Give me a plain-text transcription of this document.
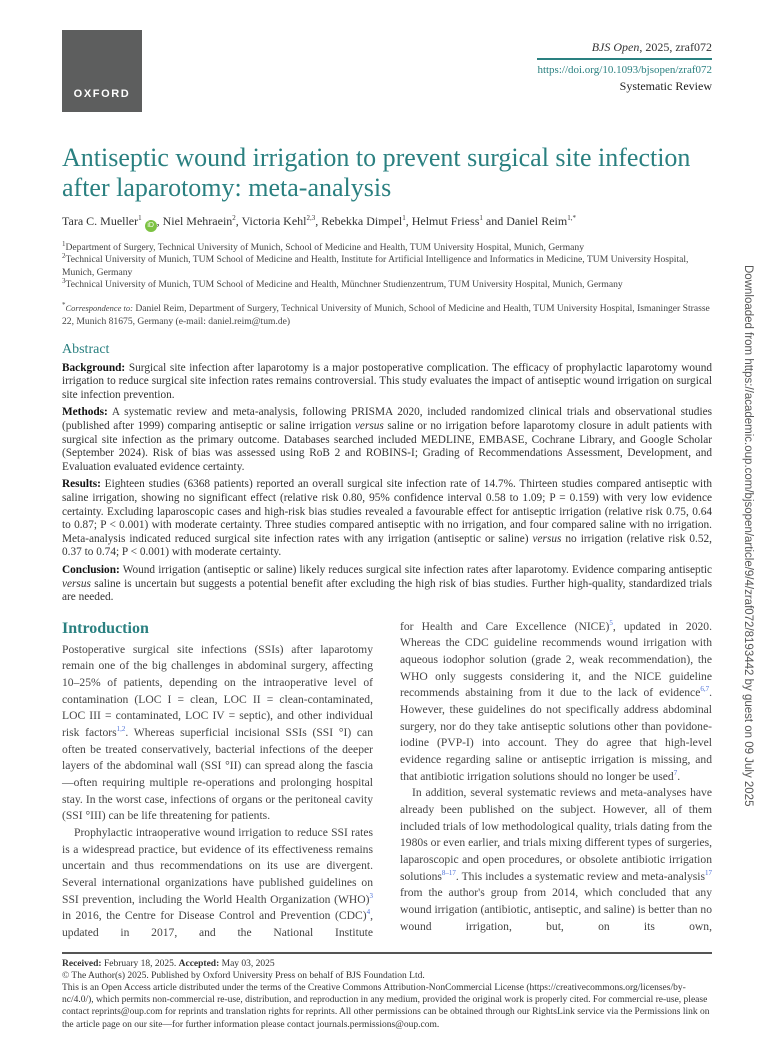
OXFORD
BJS Open, 2025, zraf072
https://doi.org/10.1093/bjsopen/zraf072
Systematic Review
Antiseptic wound irrigation to prevent surgical site infection after laparotomy: meta-analysis

Tara C. Mueller$^1$ iD , Niel Mehraein$^2$, Victoria Kehl$^{2,3}$, Rebekka Dimpel$^1$, Helmut Friess$^1$ and Daniel Reim$^{1,*}$

$^1$Department of Surgery, Technical University of Munich, School of Medicine and Health, TUM University Hospital, Munich, Germany

$^2$Technical University of Munich, TUM School of Medicine and Health, Institute for Artificial Intelligence and Informatics in Medicine, TUM University Hospital, Munich, Germany

$^3$Technical University of Munich, TUM School of Medicine and Health, Münchner Studienzentrum, TUM University Hospital, Munich, Germany

*Correspondence to: Daniel Reim, Department of Surgery, Technical University of Munich, School of Medicine and Health, TUM University Hospital, Ismaninger Strasse 22, Munich 81675, Germany (e-mail: daniel.reim@tum.de)

Abstract

Background: Surgical site infection after laparotomy is a major postoperative complication. The efficacy of prophylactic laparotomy wound irrigation to reduce surgical site infection rates remains controversial. This study evaluates the impact of antiseptic wound irrigation on surgical site infection prevention.

Methods: A systematic review and meta-analysis, following PRISMA 2020, included randomized clinical trials and observational studies (published after 1999) comparing antiseptic or saline irrigation versus saline or no irrigation before laparotomy closure in adult patients with surgical site infection as the primary outcome. Databases searched included MEDLINE, EMBASE, Cochrane Library, and Google Scholar (September 2024). Risk of bias was assessed using RoB 2 and ROBINS-I; Grading of Recommendations Assessment, Development, and Evaluation evaluated evidence certainty.

Results: Eighteen studies (6368 patients) reported an overall surgical site infection rate of 14.7%. Thirteen studies compared antiseptic with saline irrigation, showing no significant effect (relative risk 0.80, 95% confidence interval 0.58 to 1.09; P = 0.159) with very low evidence certainty. Excluding laparoscopic cases and high-risk bias studies revealed a favourable effect for antiseptic irrigation (relative risk 0.75, 0.64 to 0.87; P < 0.001) with moderate certainty. Three studies compared antiseptic with no irrigation, and four compared saline with no irrigation. Meta-analysis indicated reduced surgical site infection rates with any irrigation (antiseptic or saline) versus no irrigation (relative risk 0.52, 0.37 to 0.74; P < 0.001) with moderate certainty.

Conclusion: Wound irrigation (antiseptic or saline) likely reduces surgical site infection rates after laparotomy. Evidence comparing antiseptic versus saline is uncertain but suggests a potential benefit after excluding the high risk of bias studies. Further high-quality, standardized trials are needed.

Introduction

Postoperative surgical site infections (SSIs) after laparotomy remain one of the big challenges in abdominal surgery, affecting 10–25% of patients, depending on the intraoperative level of contamination (LOC I = clean, LOC II = clean-contaminated, LOC III = contaminated, LOC IV = septic), and other individual risk factors$^{1,2}$. Whereas superficial incisional SSIs (SSI °I) can often be treated conservatively, bacterial infections of the deeper layers of the abdominal wall (SSI °II) can spread along the fascia—often requiring multiple re-operations and prolonging hospital stay. In the worst case, infections of organs or the peritoneal cavity (SSI °III) can be life threatening for patients.

Prophylactic intraoperative wound irrigation to reduce SSI rates is a widespread practice, but evidence of its effectiveness remains uncertain and thus recommendations on its use are divergent. Several international organizations have published guidelines on SSI prevention, including the World Health Organization (WHO)$^3$ in 2016, the Centre for Disease Control and Prevention (CDC)$^4$, updated in 2017, and the National Institute

for Health and Care Excellence (NICE)$^5$, updated in 2020. Whereas the CDC guideline recommends wound irrigation with aqueous iodophor solution (grade 2, weak recommendation), the WHO only suggests considering it, and the NICE guideline recommends abstaining from it due to the lack of evidence$^{6,7}$. However, these guidelines do not specifically address abdominal surgery, nor do they take antiseptic solutions other than povidone-iodine (PVP-I) into account. They do agree that high-level evidence regarding saline or antiseptic irrigation is missing, and that antibiotic irrigation solutions should no longer be used$^7$.

In addition, several systematic reviews and meta-analyses have already been published on the subject. However, all of them included trials of low methodological quality, trials dating from the 1980s or even earlier, and trials mixing different types of surgeries, laparoscopic and open procedures, or obsolete antibiotic irrigation solutions$^{8-17}$. This includes a systematic review and meta-analysis$^{17}$ from the author's group from 2014, which concluded that any wound irrigation (antibiotic, antiseptic, and saline) is better than no wound irrigation, but, on its own,

Received: February 18, 2025. Accepted: May 03, 2025

© The Author(s) 2025. Published by Oxford University Press on behalf of BJS Foundation Ltd.

This is an Open Access article distributed under the terms of the Creative Commons Attribution-NonCommercial License (https://creativecommons.org/licenses/by-nc/4.0/), which permits non-commercial re-use, distribution, and reproduction in any medium, provided the original work is properly cited. For commercial re-use, please contact reprints@oup.com for reprints and translation rights for reprints. All other permissions can be obtained through our RightsLink service via the Permissions link on the article page on our site—for further information please contact journals.permissions@oup.com.

Downloaded from https://academic.oup.com/bjsopen/article/9/4/zraf072/8193442 by guest on 09 July 2025
